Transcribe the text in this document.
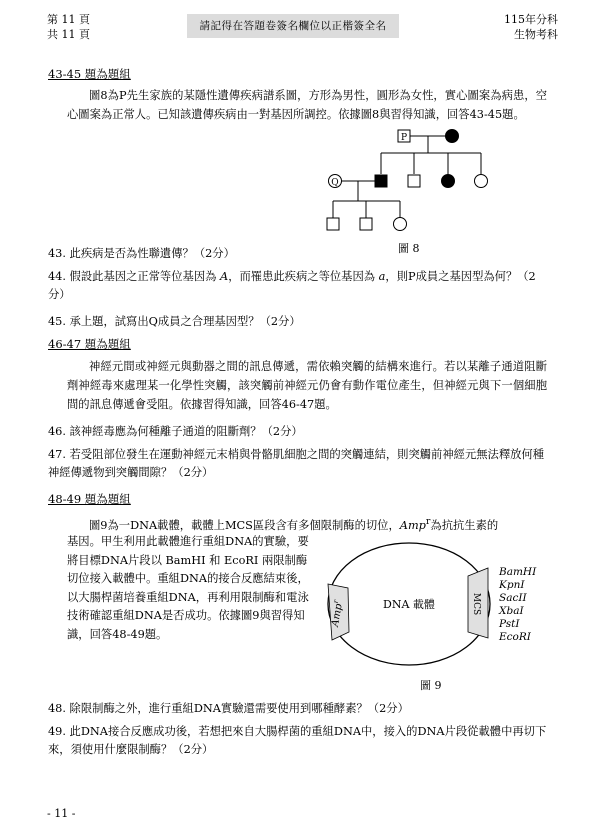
第 11 頁
共 11 頁
請記得在答題卷簽名欄位以正楷簽全名	115年分科
生物考科
43-45 題為題組
圖8為P先生家族的某隱性遺傳疾病譜系圖，方形為男性，圓形為女性，實心圖案為病患，空心圖案為正常人。已知該遺傳疾病由一對基因所調控。依據圖8與習得知識，回答43-45題。
P
Q
圖 8
43. 此疾病是否為性聯遺傳？（2分）
44. 假設此基因之正常等位基因為 A，而罹患此疾病之等位基因為 a，則P成員之基因型為何？（2分）
45. 承上題，試寫出Q成員之合理基因型？（2分）
46-47 題為題組
神經元間或神經元與動器之間的訊息傳遞，需依賴突觸的結構來進行。若以某離子通道阻斷劑神經毒來處理某一化學性突觸，該突觸前神經元仍會有動作電位產生，但神經元與下一個細胞間的訊息傳遞會受阻。依據習得知識，回答46-47題。
46. 該神經毒應為何種離子通道的阻斷劑？（2分）
47. 若受阻部位發生在運動神經元末梢與骨骼肌細胞之間的突觸連結，則突觸前神經元無法釋放何種神經傳遞物到突觸間隙？（2分）
48-49 題為題組
圖9為一DNA載體，載體上MCS區段含有多個限制酶的切位，Amp$^r$為抗抗生素的
基因。甲生利用此載體進行重組DNA的實驗，要將目標DNA片段以 BamHI 和 EcoRI 兩限制酶切位接入載體中。重組DNA的接合反應結束後，以大腸桿菌培養重組DNA，再利用限制酶和電泳技術確認重組DNA是否成功。依據圖9與習得知識，回答48-49題。
DNA 載體
Amp$^r$	MCS
BamHI
KpnI
SacII
XbaI
PstI
EcoRI
圖 9
48. 除限制酶之外，進行重組DNA實驗還需要使用到哪種酵素？（2分）
49. 此DNA接合反應成功後，若想把來自大腸桿菌的重組DNA中，接入的DNA片段從載體中再切下來，須使用什麼限制酶？（2分）
- 11 -
